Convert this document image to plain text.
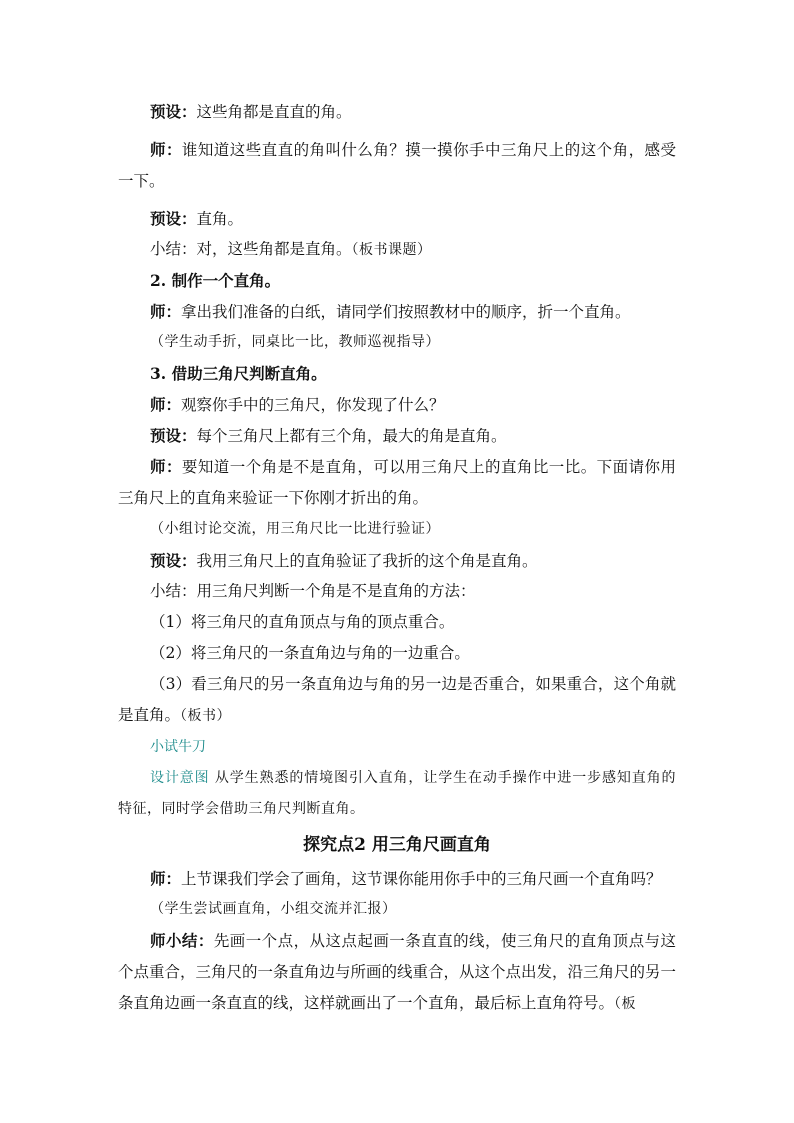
预设：这些角都是直直的角。
师：谁知道这些直直的角叫什么角？摸一摸你手中三角尺上的这个角，感受一下。
预设：直角。
小结：对，这些角都是直角。（板书课题）
2. 制作一个直角。
师：拿出我们准备的白纸，请同学们按照教材中的顺序，折一个直角。
（学生动手折，同桌比一比，教师巡视指导）
3. 借助三角尺判断直角。
师：观察你手中的三角尺，你发现了什么？
预设：每个三角尺上都有三个角，最大的角是直角。
师：要知道一个角是不是直角，可以用三角尺上的直角比一比。下面请你用三角尺上的直角来验证一下你刚才折出的角。
（小组讨论交流，用三角尺比一比进行验证）
预设：我用三角尺上的直角验证了我折的这个角是直角。
小结：用三角尺判断一个角是不是直角的方法：
（1）将三角尺的直角顶点与角的顶点重合。
（2）将三角尺的一条直角边与角的一边重合。
（3）看三角尺的另一条直角边与角的另一边是否重合，如果重合，这个角就是直角。（板书）
小试牛刀
设计意图 从学生熟悉的情境图引入直角，让学生在动手操作中进一步感知直角的特征，同时学会借助三角尺判断直角。
探究点2 用三角尺画直角
师：上节课我们学会了画角，这节课你能用你手中的三角尺画一个直角吗？
（学生尝试画直角，小组交流并汇报）
师小结：先画一个点，从这点起画一条直直的线，使三角尺的直角顶点与这个点重合，三角尺的一条直角边与所画的线重合，从这个点出发，沿三角尺的另一条直角边画一条直直的线，这样就画出了一个直角，最后标上直角符号。（板
